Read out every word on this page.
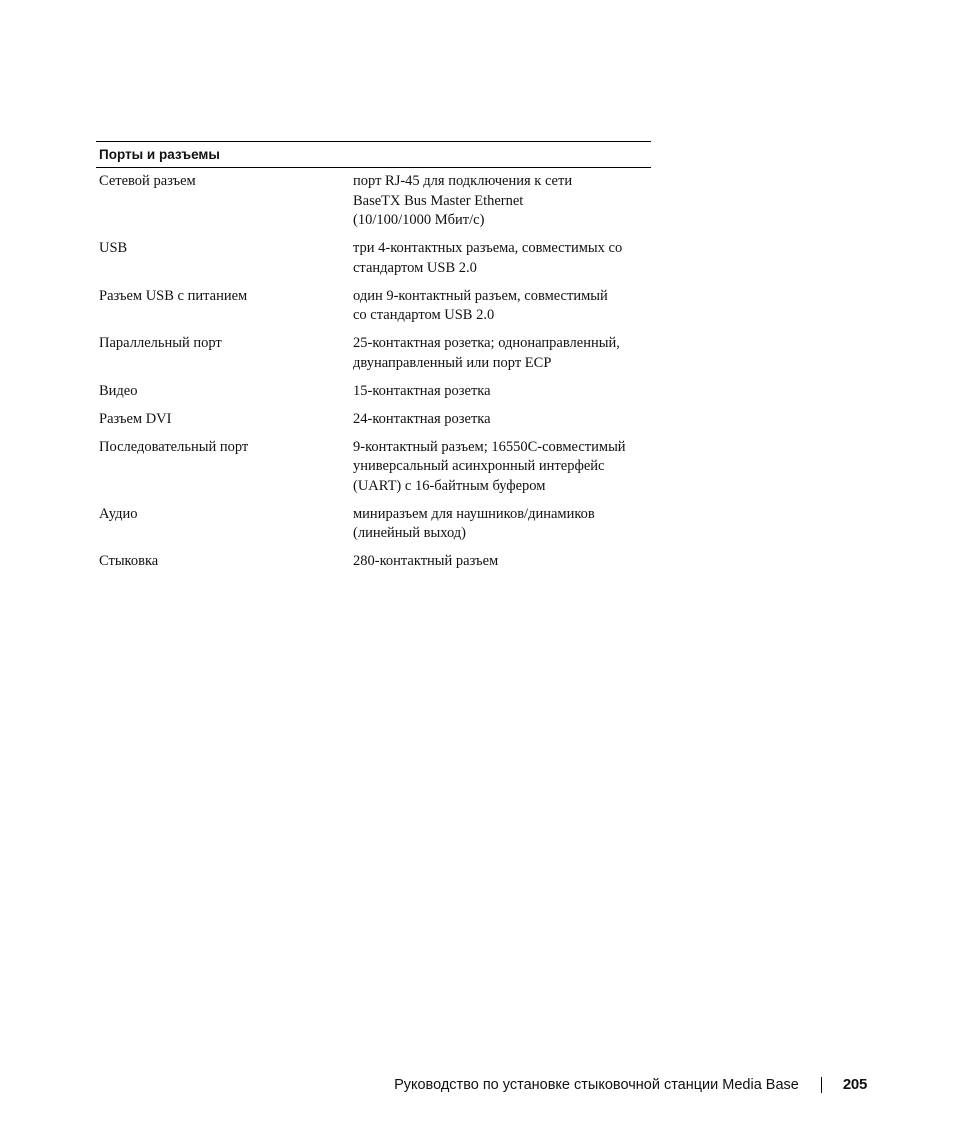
Порты и разъемы
Сетевой разъем	порт RJ-45 для подключения к сети
BaseTX Bus Master Ethernet
(10/100/1000 Мбит/с)
USB	три 4-контактных разъема, совместимых со
стандартом USB 2.0
Разъем USB с питанием	один 9-контактный разъем, совместимый
со стандартом USB 2.0
Параллельный порт	25-контактная розетка; однонаправленный,
двунаправленный или порт ECP
Видео	15-контактная розетка
Разъем DVI	24-контактная розетка
Последовательный порт	9-контактный разъем; 16550C-совместимый
универсальный асинхронный интерфейс
(UART) с 16-байтным буфером
Аудио	миниразъем для наушников/динамиков
(линейный выход)
Стыковка	280-контактный разъем
Руководство по установке стыковочной станции Media Base	205
